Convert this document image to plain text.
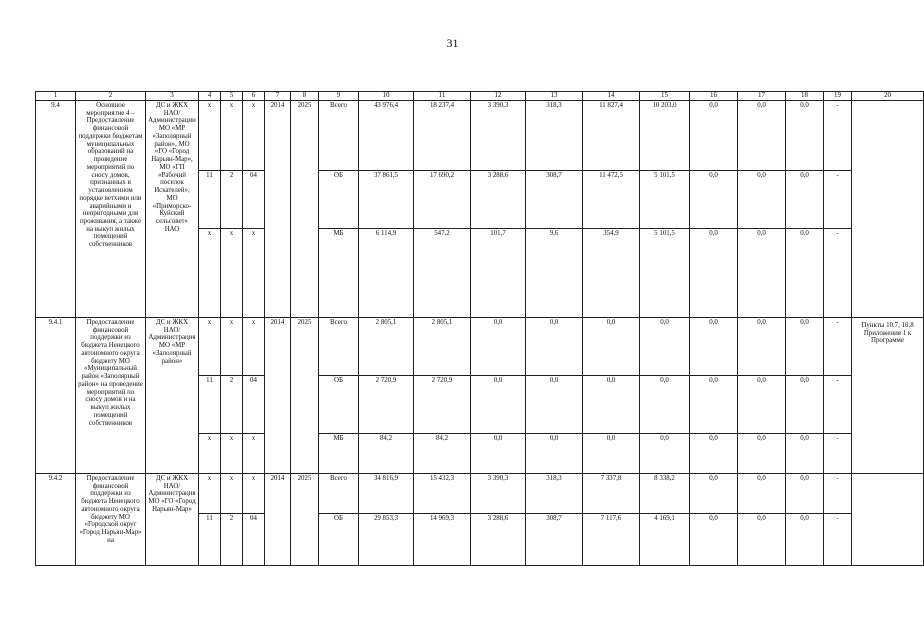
31
1	2	3	4	5	6	7	8	9	10	11	12	13	14	15	16	17	18	19	20
9.4	Основное мероприятие 4 – Предоставление финансовой поддержки бюджетам муниципальных образований на проведение мероприятий по сносу домов, признанных в установленном порядке ветхими или аварийными и непригодными для проживания, а также на выкуп жилых помещений собственников	ДС и ЖКХ НАО/ Администрации МО «МР «Заполярный район», МО «ГО «Город Нарьян-Мар», МО «ГП «Рабочий поселок Искателей», МО «Приморско-Куйский сельсовет» НАО	х	х	х	2014	2025	Всего	43 976,4	18 237,4	3 390,3	318,3	11 827,4	10 203,0	0,0	0,0	0,0	-	
			11	2	04			ОБ	37 861,5	17 690,2	3 288,6	308,7	11 472,5	5 101,5	0,0	0,0	0,0	-	
			х	х	х			МБ	6 114,9	547,2	101,7	9,6	354,9	5 101,5	0,0	0,0	0,0	-	
9.4.1	Предоставление финансовой поддержки из бюджета Ненецкого автономного округа бюджету МО «Муниципальный район «Заполярный район» на проведение мероприятий по сносу домов и на выкуп жилых помещений собственников	ДС и ЖКХ НАО/ Администрация МО «МР «Заполярный район»	х	х	х	2014	2025	Всего	2 805,1	2 805,1	0,0	0,0	0,0	0,0	0,0	0,0	0,0	-	Пункты 10.7, 10.8 Приложения 1 к Программе
			11	2	04			ОБ	2 720,9	2 720,9	0,0	0,0	0,0	0,0	0,0	0,0	0,0	-	
			х	х	х			МБ	84,2	84,2	0,0	0,0	0,0	0,0	0,0	0,0	0,0	-	
9.4.2	Предоставление финансовой поддержки из бюджета Ненецкого автономного округа бюджету МО «Городской округ «Город Нарьян-Мар» на	ДС и ЖКХ НАО/ Администрация МО «ГО «Город Нарьян-Мар»	х	х	х	2014	2025	Всего	34 816,9	15 432,3	3 390,3	318,3	7 337,8	8 338,2	0,0	0,0	0,0	-	
			11	2	04			ОБ	29 853,3	14 969,3	3 288,6	308,7	7 117,6	4 169,1	0,0	0,0	0,0	-	
